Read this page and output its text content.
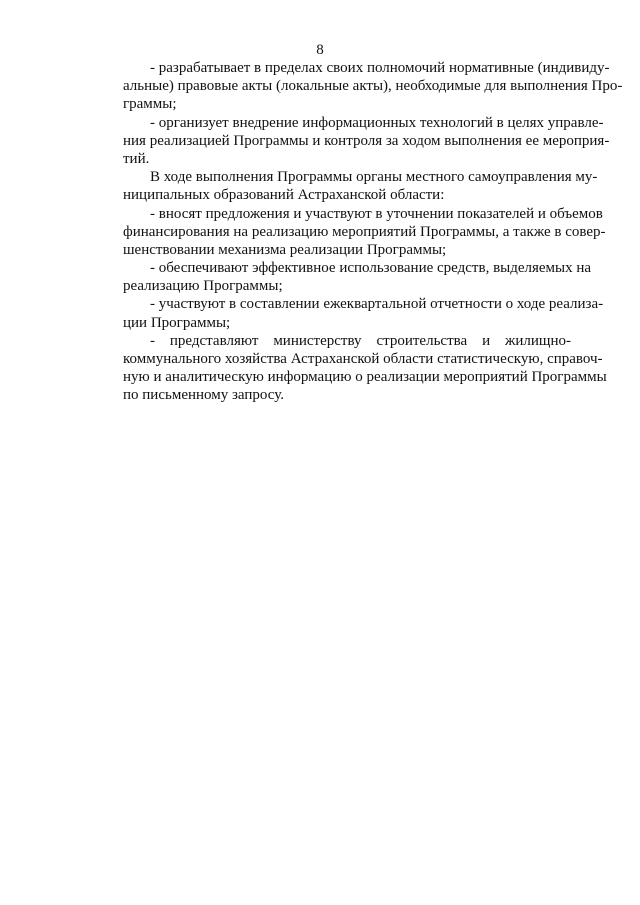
8

- разрабатывает в пределах своих полномочий нормативные (индивиду-
альные) правовые акты (локальные акты), необходимые для выполнения Про-
граммы;

- организует внедрение информационных технологий в целях управле-
ния реализацией Программы и контроля за ходом выполнения ее мероприя-
тий.

В ходе выполнения Программы органы местного самоуправления му-
ниципальных образований Астраханской области:

- вносят предложения и участвуют в уточнении показателей и объемов
финансирования на реализацию мероприятий Программы, а также в совер-
шенствовании механизма реализации Программы;

- обеспечивают эффективное использование средств, выделяемых на
реализацию Программы;

- участвуют в составлении ежеквартальной отчетности о ходе реализа-
ции Программы;

- представляют министерству строительства и жилищно-
коммунального хозяйства Астраханской области статистическую, справоч-
ную и аналитическую информацию о реализации мероприятий Программы
по письменному запросу.
